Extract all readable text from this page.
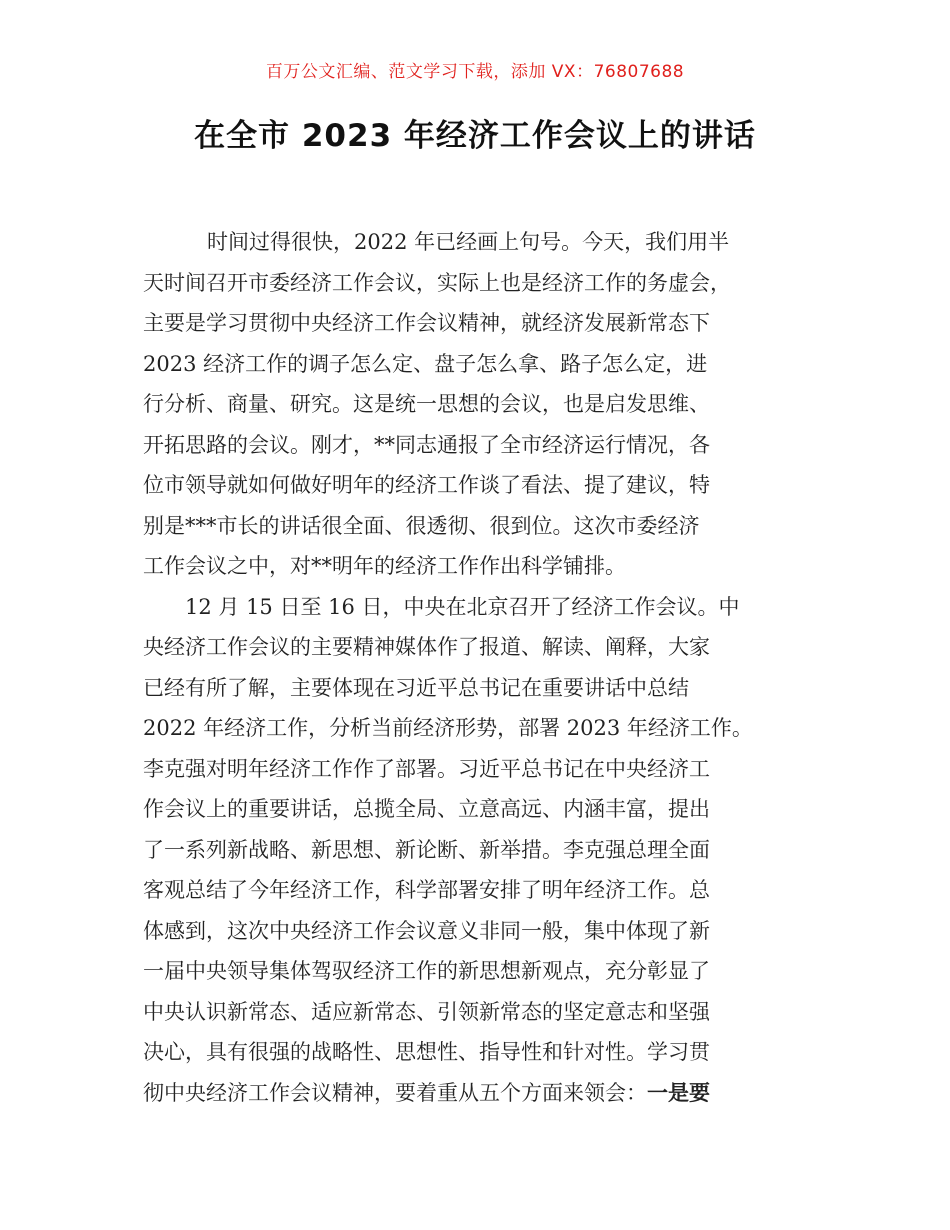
百万公文汇编、范文学习下载，添加 VX：76807688
在全市 2023 年经济工作会议上的讲话

时间过得很快，2022 年已经画上句号。今天，我们用半
天时间召开市委经济工作会议，实际上也是经济工作的务虚会，
主要是学习贯彻中央经济工作会议精神，就经济发展新常态下
2023 经济工作的调子怎么定、盘子怎么拿、路子怎么定，进
行分析、商量、研究。这是统一思想的会议，也是启发思维、
开拓思路的会议。刚才，**同志通报了全市经济运行情况，各
位市领导就如何做好明年的经济工作谈了看法、提了建议，特
别是***市长的讲话很全面、很透彻、很到位。这次市委经济
工作会议之中，对**明年的经济工作作出科学铺排。

12 月 15 日至 16 日，中央在北京召开了经济工作会议。中
央经济工作会议的主要精神媒体作了报道、解读、阐释，大家
已经有所了解，主要体现在习近平总书记在重要讲话中总结
2022 年经济工作，分析当前经济形势，部署 2023 年经济工作。
李克强对明年经济工作作了部署。习近平总书记在中央经济工
作会议上的重要讲话，总揽全局、立意高远、内涵丰富，提出
了一系列新战略、新思想、新论断、新举措。李克强总理全面
客观总结了今年经济工作，科学部署安排了明年经济工作。总
体感到，这次中央经济工作会议意义非同一般，集中体现了新
一届中央领导集体驾驭经济工作的新思想新观点，充分彰显了
中央认识新常态、适应新常态、引领新常态的坚定意志和坚强
决心，具有很强的战略性、思想性、指导性和针对性。学习贯
彻中央经济工作会议精神，要着重从五个方面来领会：一是要
